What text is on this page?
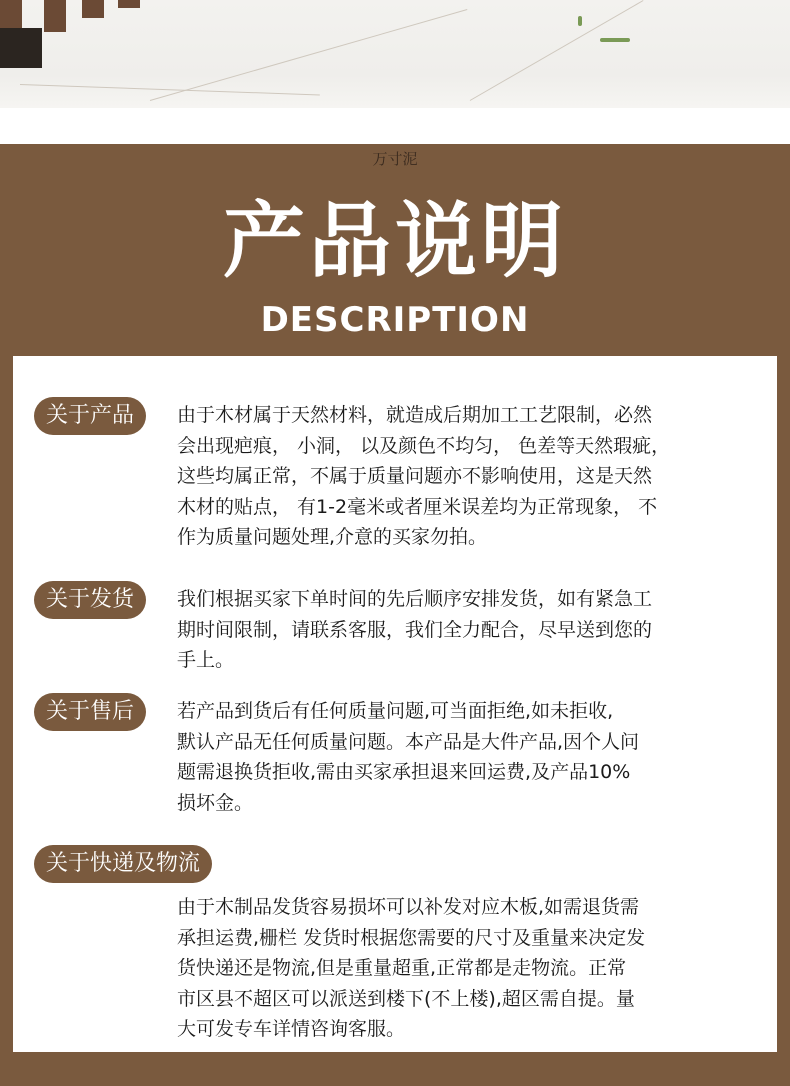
万寸泥
产品说明
DESCRIPTION
关于产品	由于木材属于天然材料，就造成后期加工工艺限制，必然
会出现疤痕， 小洞， 以及颜色不均匀， 色差等天然瑕疵，
这些均属正常，不属于质量问题亦不影响使用，这是天然
木材的贴点， 有1-2毫米或者厘米误差均为正常现象， 不
作为质量问题处理,介意的买家勿拍。

关于发货	我们根据买家下单时间的先后顺序安排发货，如有紧急工
期时间限制，请联系客服，我们全力配合，尽早送到您的
手上。

关于售后	若产品到货后有任何质量问题,可当面拒绝,如未拒收,
默认产品无任何质量问题。本产品是大件产品,因个人问
题需退换货拒收,需由买家承担退来回运费,及产品10%
损坏金。

关于快递及物流

由于木制品发货容易损坏可以补发对应木板,如需退货需
承担运费,栅栏 发货时根据您需要的尺寸及重量来决定发
货快递还是物流,但是重量超重,正常都是走物流。正常
市区县不超区可以派送到楼下(不上楼),超区需自提。量
大可发专车详情咨询客服。
